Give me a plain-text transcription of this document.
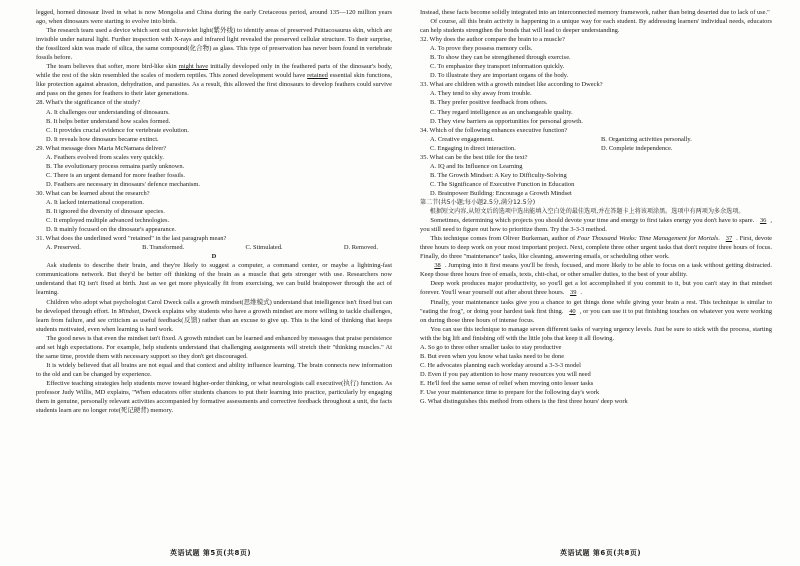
legged, horned dinosaur lived in what is now Mongolia and China during the early Cretaceous period, around 135—120 million years ago, when dinosaurs were starting to evolve into birds.

The research team used a device which sent out ultraviolet light(紫外线) to identify areas of preserved Psittacosaurus skin, which are invisible under natural light. Further inspection with X-rays and infrared light revealed the preserved cellular structure. To their surprise, the fossilized skin was made of silica, the same compound(化合物) as glass. This type of preservation has never been found in vertebrate fossils before.

The team believes that softer, more bird-like skin might have initially developed only in the feathered parts of the dinosaur's body, while the rest of the skin resembled the scales of modern reptiles. This zoned development would have retained essential skin functions, like protection against abrasion, dehydration, and parasites. As a result, this allowed the first dinosaurs to develop feathers could survive and pass on the genes for feathers to their later generations.

28. What's the significance of the study?
A. It challenges our understanding of dinosaurs.
B. It helps better understand how scales formed.
C. It provides crucial evidence for vertebrate evolution.
D. It reveals how dinosaurs became extinct.
29. What message does Maria McNamara deliver?
A. Feathers evolved from scales very quickly.
B. The evolutionary process remains partly unknown.
C. There is an urgent demand for more feather fossils.
D. Feathers are necessary in dinosaurs' defence mechanism.
30. What can be learned about the research?
A. It lacked international cooperation.
B. It ignored the diversity of dinosaur species.
C. It employed multiple advanced technologies.
D. It mainly focused on the dinosaur's appearance.
31. What does the underlined word "retained" in the last paragraph mean?
A. Preserved.	B. Transformed.	C. Stimulated.	D. Removed.
D

Ask students to describe their brain, and they're likely to suggest a computer, a command center, or maybe a lightning-fast communications network. But they'd be better off thinking of the brain as a muscle that gets stronger with use. Researchers now understand that IQ isn't fixed at birth. Just as we get more physically fit from exercising, we can build brainpower through the act of learning.

Children who adopt what psychologist Carol Dweck calls a growth mindset(思维模式) understand that intelligence isn't fixed but can be developed through effort. In Mindset, Dweck explains why students who have a growth mindset are more willing to tackle challenges, learn from failure, and see criticism as useful feedback(反馈) rather than an excuse to give up. This is the kind of thinking that keeps students motivated, even when learning is hard work.

The good news is that even the mindset isn't fixed. A growth mindset can be learned and enhanced by messages that praise persistence and set high expectations. For example, help students understand that challenging assignments will stretch their "thinking muscles." At the same time, provide them with necessary support so they don't get discouraged.

It is widely believed that all brains are not equal and that context and ability influence learning. The brain connects new information to the old and can be changed by experience.

Effective teaching strategies help students move toward higher-order thinking, or what neurologists call executive(执行) function. As professor Judy Willis, MD explains, "When educators offer students chances to put their learning into practice, particularly by engaging them in genuine, personally relevant activities accompanied by formative assessments and corrective feedback throughout a unit, the facts students learn are no longer rote(死记硬背) memory.

Instead, these facts become solidly integrated into an interconnected memory framework, rather than being deserted due to lack of use."

Of course, all this brain activity is happening in a unique way for each student. By addressing learners' individual needs, educators can help students strengthen the bonds that will lead to deeper understanding.

32. Why does the author compare the brain to a muscle?
A. To prove they possess memory cells.
B. To show they can be strengthened through exercise.
C. To emphasize they transport information quickly.
D. To illustrate they are important organs of the body.
33. What are children with a growth mindset like according to Dweck?
A. They tend to shy away from trouble.
B. They prefer positive feedback from others.
C. They regard intelligence as an unchangeable quality.
D. They view barriers as opportunities for personal growth.
34. Which of the following enhances executive function?
A. Creative engagement.	B. Organizing activities personally.
C. Engaging in direct interaction.	D. Complete independence.
35. What can be the best title for the text?
A. IQ and Its Influence on Learning
B. The Growth Mindset: A Key to Difficulty-Solving
C. The Significance of Executive Function in Education
D. Brainpower Building: Encourage a Growth Mindset
第二节(共5小题;每小题2.5分,满分12.5分)

根据短文内容,从短文后的选项中选出能填入空白处的最佳选项,并在答题卡上将该项涂黑。选项中有两项为多余选项。

Sometimes, determining which projects you should devote your time and energy to first takes energy you don't have to spare. 36 , you still need to figure out how to prioritize them. Try the 3-3-3 method.

This technique comes from Oliver Burkeman, author of Four Thousand Weeks: Time Management for Mortals. 37 . First, devote three hours to deep work on your most important project. Next, complete three other urgent tasks that don't require three hours of focus. Finally, do three "maintenance" tasks, like cleaning, answering emails, or scheduling other work.

38 . Jumping into it first means you'll be fresh, focused, and more likely to be able to focus on a task without getting distracted. Keep those three hours free of emails, texts, chit-chat, or other smaller duties, to the best of your ability.

Deep work produces major productivity, so you'll get a lot accomplished if you commit to it, but you can't stay in that mindset forever. You'll wear yourself out after about three hours. 39 .

Finally, your maintenance tasks give you a chance to get things done while giving your brain a rest. This technique is similar to "eating the frog", or doing your hardest task first thing. 40 , or you can use it to put finishing touches on whatever you were working on during those three hours of intense focus.

You can use this technique to manage seven different tasks of varying urgency levels. Just be sure to stick with the process, starting with the big lift and finishing off with the little jobs that keep it all flowing.

A. So go to three other smaller tasks to stay productive
B. But even when you know what tasks need to be done
C. He advocates planning each workday around a 3-3-3 model
D. Even if you pay attention to how many resources you will need
E. He'll feel the same sense of relief when moving onto lesser tasks
F. Use your maintenance time to prepare for the following day's work
G. What distinguishes this method from others is the first three hours' deep work
英语试题 第5页(共8页)	英语试题 第6页(共8页)
